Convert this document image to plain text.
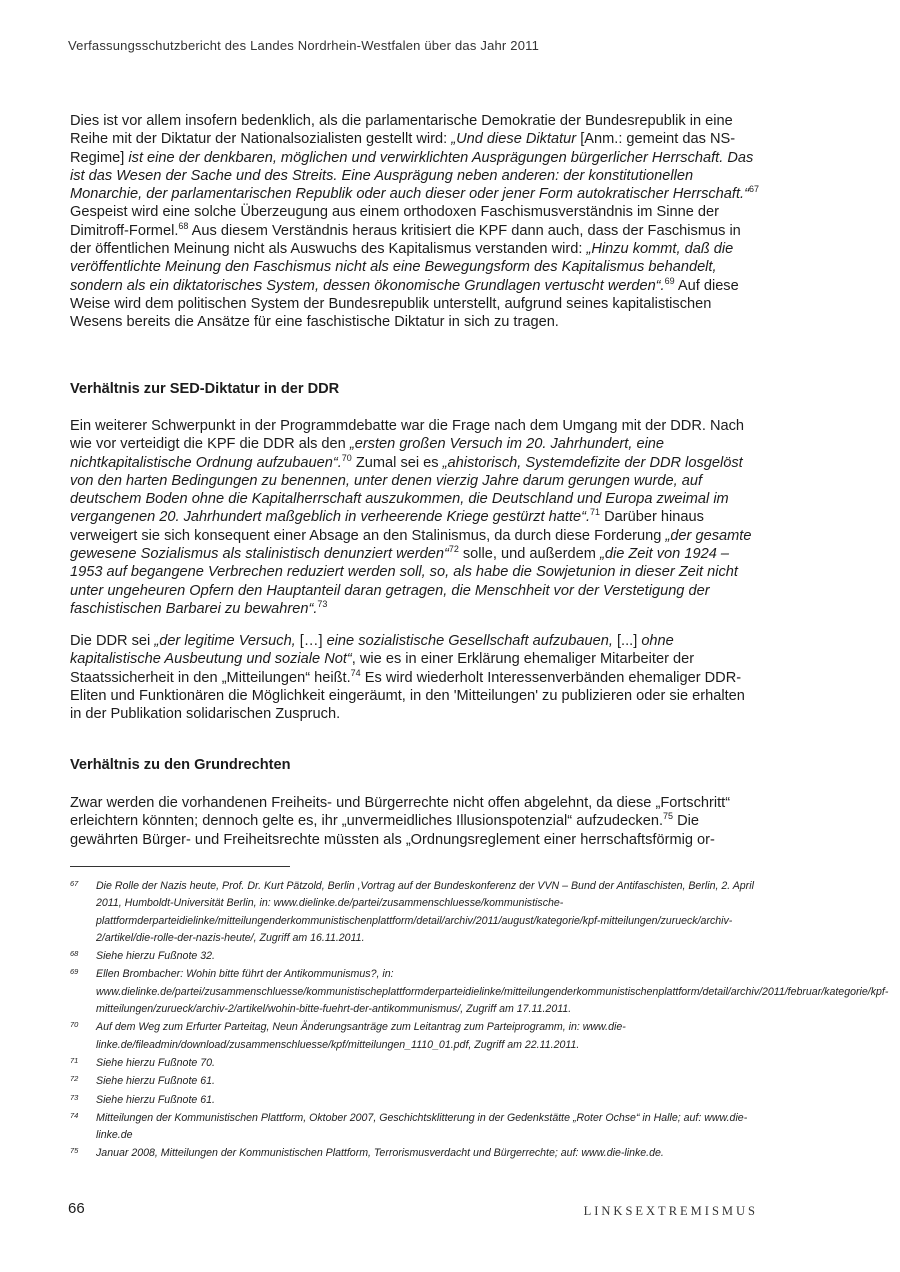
Verfassungsschutzbericht des Landes Nordrhein-Westfalen über das Jahr 2011

Dies ist vor allem insofern bedenklich, als die parlamentarische Demokratie der Bundesrepublik in eine Reihe mit der Diktatur der Nationalsozialisten gestellt wird: „Und diese Diktatur [Anm.: gemeint das NS-Regime] ist eine der denkbaren, möglichen und verwirklichten Ausprägungen bürgerlicher Herrschaft. Das ist das Wesen der Sache und des Streits. Eine Ausprägung neben anderen: der konstitutionellen Monarchie, der parlamentarischen Republik oder auch dieser oder jener Form autokratischer Herrschaft.“$^{67}$ Gespeist wird eine solche Überzeugung aus einem orthodoxen Faschismusverständnis im Sinne der Dimitroff-Formel.$^{68}$ Aus diesem Verständnis heraus kritisiert die KPF dann auch, dass der Faschismus in der öffentlichen Meinung nicht als Auswuchs des Kapitalismus verstanden wird: „Hinzu kommt, daß die veröffentlichte Meinung den Faschismus nicht als eine Bewegungsform des Kapitalismus behandelt, sondern als ein diktatorisches System, dessen ökonomische Grundlagen vertuscht werden“.$^{69}$ Auf diese Weise wird dem politischen System der Bundesrepublik unterstellt, aufgrund seines kapitalistischen Wesens bereits die Ansätze für eine faschistische Diktatur in sich zu tragen.

Verhältnis zur SED-Diktatur in der DDR

Ein weiterer Schwerpunkt in der Programmdebatte war die Frage nach dem Umgang mit der DDR. Nach wie vor verteidigt die KPF die DDR als den „ersten großen Versuch im 20. Jahrhundert, eine nichtkapitalistische Ordnung aufzubauen“.$^{70}$ Zumal sei es „ahistorisch, Systemdefizite der DDR losgelöst von den harten Bedingungen zu benennen, unter denen vierzig Jahre darum gerungen wurde, auf deutschem Boden ohne die Kapitalherrschaft auszukommen, die Deutschland und Europa zweimal im vergangenen 20. Jahrhundert maßgeblich in verheerende Kriege gestürzt hatte“.$^{71}$ Darüber hinaus verweigert sie sich konsequent einer Absage an den Stalinismus, da durch diese Forderung „der gesamte gewesene Sozialismus als stalinistisch denunziert werden“$^{72}$ solle, und außerdem „die Zeit von 1924 – 1953 auf begangene Verbrechen reduziert werden soll, so, als habe die Sowjetunion in dieser Zeit nicht unter ungeheuren Opfern den Hauptanteil daran getragen, die Menschheit vor der Verstetigung der faschistischen Barbarei zu bewahren“.$^{73}$

Die DDR sei „der legitime Versuch, […] eine sozialistische Gesellschaft aufzubauen, [...] ohne kapitalistische Ausbeutung und soziale Not“, wie es in einer Erklärung ehemaliger Mitarbeiter der Staatssicherheit in den „Mitteilungen“ heißt.$^{74}$ Es wird wiederholt Interessenverbänden ehemaliger DDR-Eliten und Funktionären die Möglichkeit eingeräumt, in den 'Mitteilungen' zu publizieren oder sie erhalten in der Publikation solidarischen Zuspruch.

Verhältnis zu den Grundrechten

Zwar werden die vorhandenen Freiheits- und Bürgerrechte nicht offen abgelehnt, da diese „Fortschritt“ erleichtern könnten; dennoch gelte es, ihr „unvermeidliches Illusionspotenzial“ aufzudecken.$^{75}$ Die gewährten Bürger- und Freiheitsrechte müssten als „Ordnungsreglement einer herrschaftsförmig or-

67	Die Rolle der Nazis heute, Prof. Dr. Kurt Pätzold, Berlin ,Vortrag auf der Bundeskonferenz der VVN – Bund der Antifaschisten, Berlin, 2. April 2011, Humboldt-Universität Berlin, in: www.dielinke.de/partei/zusammenschluesse/kommunistische-plattformderparteidielinke/mitteilungenderkommunistischenplattform/detail/archiv/2011/august/kategorie/kpf-mitteilungen/zurueck/archiv-2/artikel/die-rolle-der-nazis-heute/, Zugriff am 16.11.2011.
68	Siehe hierzu Fußnote 32.
69	Ellen Brombacher: Wohin bitte führt der Antikommunismus?, in: www.dielinke.de/partei/zusammenschluesse/kommunistischeplattformderparteidielinke/mitteilungenderkommunistischenplattform/detail/archiv/2011/februar/kategorie/kpf-mitteilungen/zurueck/archiv-2/artikel/wohin-bitte-fuehrt-der-antikommunismus/, Zugriff am 17.11.2011.
70	Auf dem Weg zum Erfurter Parteitag, Neun Änderungsanträge zum Leitantrag zum Parteiprogramm, in: www.die-linke.de/fileadmin/download/zusammenschluesse/kpf/mitteilungen_1110_01.pdf, Zugriff am 22.11.2011.
71	Siehe hierzu Fußnote 70.
72	Siehe hierzu Fußnote 61.
73	Siehe hierzu Fußnote 61.
74	Mitteilungen der Kommunistischen Plattform, Oktober 2007, Geschichtsklitterung in der Gedenkstätte „Roter Ochse“ in Halle; auf: www.die-linke.de
75	Januar 2008, Mitteilungen der Kommunistischen Plattform, Terrorismusverdacht und Bürgerrechte; auf: www.die-linke.de.
66	LINKSEXTREMISMUS
